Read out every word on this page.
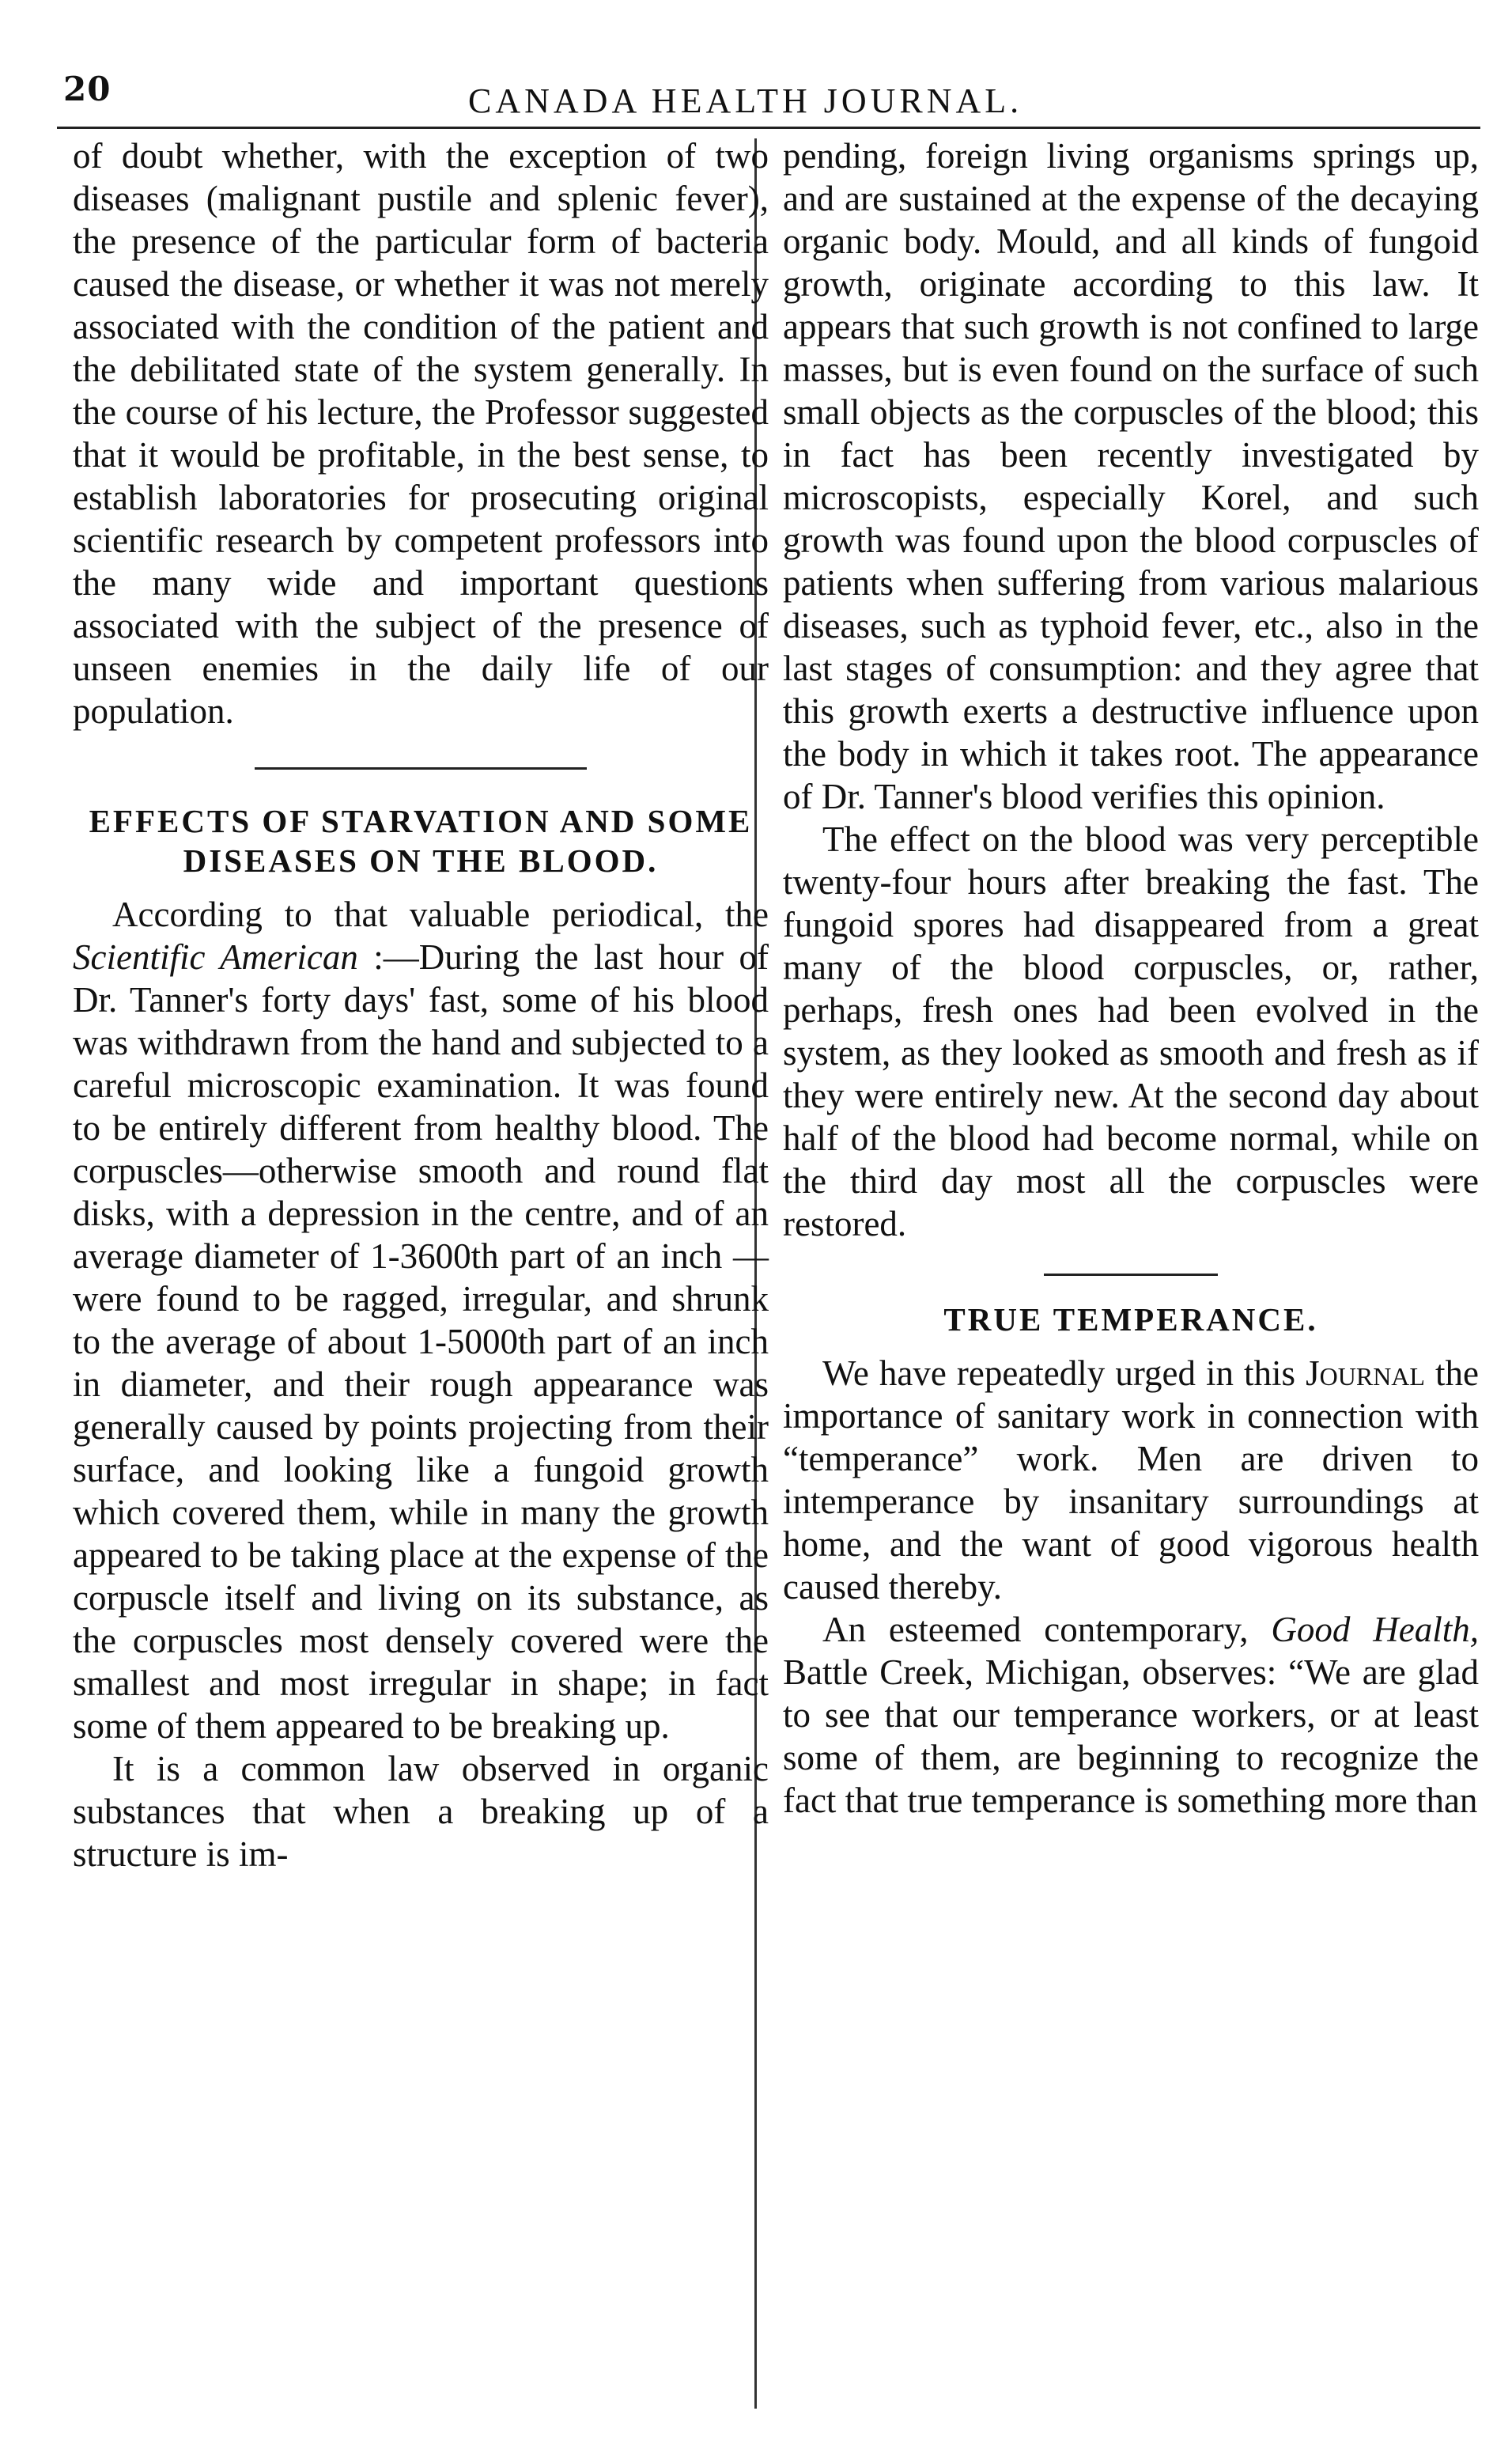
20	CANADA HEALTH JOURNAL.

of doubt whether, with the exception of two diseases (malignant pustile and splenic fever), the presence of the particular form of bacteria caused the disease, or whether it was not merely associated with the condition of the patient and the debilitated state of the system generally. In the course of his lecture, the Professor suggested that it would be profitable, in the best sense, to establish laboratories for prosecuting original scientific research by competent professors into the many wide and important questions associated with the subject of the presence of unseen enemies in the daily life of our population.

EFFECTS OF STARVATION AND SOME DISEASES ON THE BLOOD.

According to that valuable periodical, the Scientific American :—During the last hour of Dr. Tanner's forty days' fast, some of his blood was withdrawn from the hand and subjected to a careful microscopic examination. It was found to be entirely different from healthy blood. The corpuscles—otherwise smooth and round flat disks, with a depression in the centre, and of an average diameter of 1-3600th part of an inch —were found to be ragged, irregular, and shrunk to the average of about 1-5000th part of an inch in diameter, and their rough appearance was generally caused by points projecting from their surface, and looking like a fungoid growth which covered them, while in many the growth appeared to be taking place at the expense of the corpuscle itself and living on its substance, as the corpuscles most densely covered were the smallest and most irregular in shape; in fact some of them appeared to be breaking up.

It is a common law observed in organic substances that when a breaking up of a structure is im-

pending, foreign living organisms springs up, and are sustained at the expense of the decaying organic body. Mould, and all kinds of fungoid growth, originate according to this law. It appears that such growth is not confined to large masses, but is even found on the surface of such small objects as the corpuscles of the blood; this in fact has been recently investigated by microscopists, especially Korel, and such growth was found upon the blood corpuscles of patients when suffering from various malarious diseases, such as typhoid fever, etc., also in the last stages of consumption: and they agree that this growth exerts a destructive influence upon the body in which it takes root. The appearance of Dr. Tanner's blood verifies this opinion.

The effect on the blood was very perceptible twenty-four hours after breaking the fast. The fungoid spores had disappeared from a great many of the blood corpuscles, or, rather, perhaps, fresh ones had been evolved in the system, as they looked as smooth and fresh as if they were entirely new. At the second day about half of the blood had become normal, while on the third day most all the corpuscles were restored.

TRUE TEMPERANCE.

We have repeatedly urged in this Journal the importance of sanitary work in connection with “temperance” work. Men are driven to intemperance by insanitary surroundings at home, and the want of good vigorous health caused thereby.

An esteemed contemporary, Good Health, Battle Creek, Michigan, observes: “We are glad to see that our temperance workers, or at least some of them, are beginning to recognize the fact that true temperance is something more than
